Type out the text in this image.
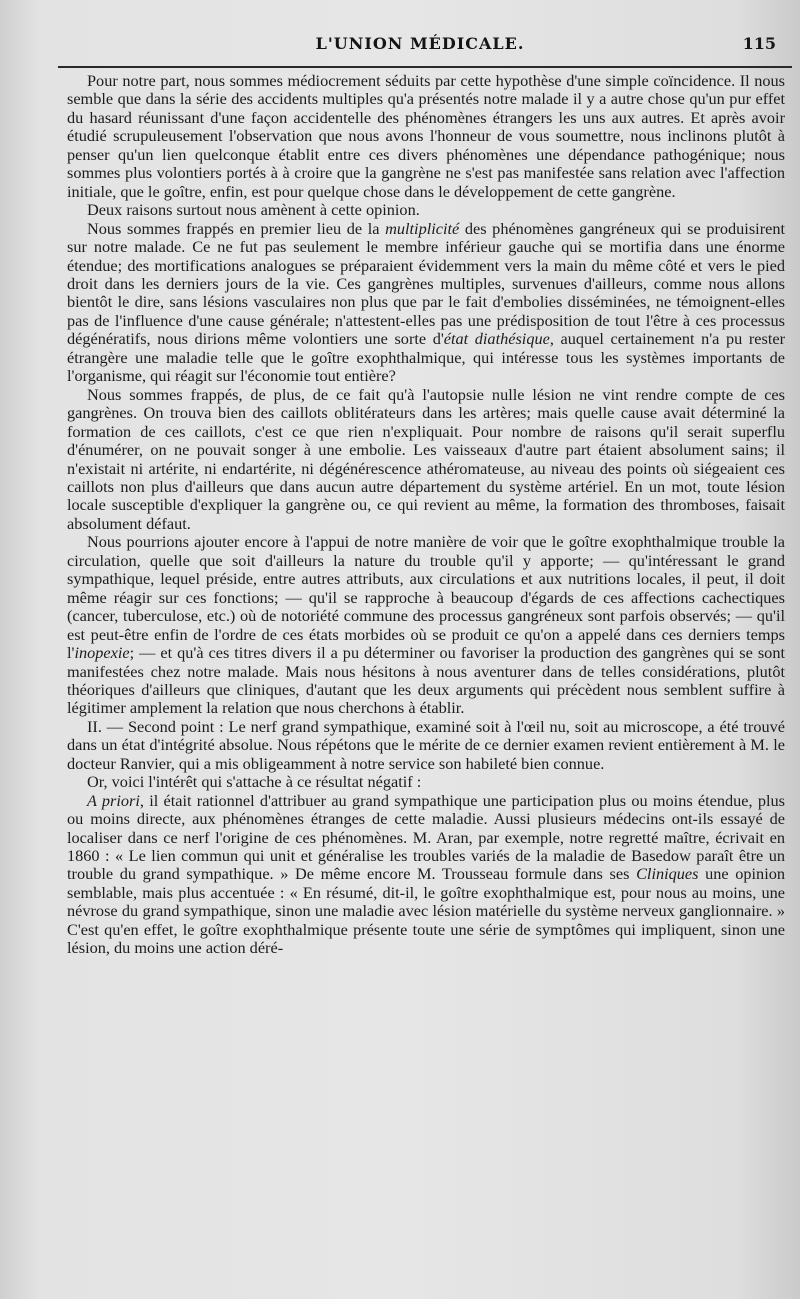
L'UNION MÉDICALE.	115

Pour notre part, nous sommes médiocrement séduits par cette hypothèse d'une simple coïncidence. Il nous semble que dans la série des accidents multiples qu'a présentés notre malade il y a autre chose qu'un pur effet du hasard réunissant d'une façon accidentelle des phénomènes étrangers les uns aux autres. Et après avoir étudié scrupuleusement l'observation que nous avons l'honneur de vous soumettre, nous inclinons plutôt à penser qu'un lien quelconque établit entre ces divers phénomènes une dépendance pathogénique; nous sommes plus volontiers portés à à croire que la gangrène ne s'est pas manifestée sans relation avec l'affection initiale, que le goître, enfin, est pour quelque chose dans le développement de cette gangrène.

Deux raisons surtout nous amènent à cette opinion.

Nous sommes frappés en premier lieu de la multiplicité des phénomènes gangréneux qui se produisirent sur notre malade. Ce ne fut pas seulement le membre inférieur gauche qui se mortifia dans une énorme étendue; des mortifications analogues se préparaient évidemment vers la main du même côté et vers le pied droit dans les derniers jours de la vie. Ces gangrènes multiples, survenues d'ailleurs, comme nous allons bientôt le dire, sans lésions vasculaires non plus que par le fait d'embolies disséminées, ne témoignent-elles pas de l'influence d'une cause générale; n'attestent-elles pas une prédisposition de tout l'être à ces processus dégénératifs, nous dirions même volontiers une sorte d'état diathésique, auquel certainement n'a pu rester étrangère une maladie telle que le goître exophthalmique, qui intéresse tous les systèmes importants de l'organisme, qui réagit sur l'économie tout entière?

Nous sommes frappés, de plus, de ce fait qu'à l'autopsie nulle lésion ne vint rendre compte de ces gangrènes. On trouva bien des caillots oblitérateurs dans les artères; mais quelle cause avait déterminé la formation de ces caillots, c'est ce que rien n'expliquait. Pour nombre de raisons qu'il serait superflu d'énumérer, on ne pouvait songer à une embolie. Les vaisseaux d'autre part étaient absolument sains; il n'existait ni artérite, ni endartérite, ni dégénérescence athéromateuse, au niveau des points où siégeaient ces caillots non plus d'ailleurs que dans aucun autre département du système artériel. En un mot, toute lésion locale susceptible d'expliquer la gangrène ou, ce qui revient au même, la formation des thromboses, faisait absolument défaut.

Nous pourrions ajouter encore à l'appui de notre manière de voir que le goître exophthalmique trouble la circulation, quelle que soit d'ailleurs la nature du trouble qu'il y apporte; — qu'intéressant le grand sympathique, lequel préside, entre autres attributs, aux circulations et aux nutritions locales, il peut, il doit même réagir sur ces fonctions; — qu'il se rapproche à beaucoup d'égards de ces affections cachectiques (cancer, tuberculose, etc.) où de notoriété commune des processus gangréneux sont parfois observés; — qu'il est peut-être enfin de l'ordre de ces états morbides où se produit ce qu'on a appelé dans ces derniers temps l'inopexie; — et qu'à ces titres divers il a pu déterminer ou favoriser la production des gangrènes qui se sont manifestées chez notre malade. Mais nous hésitons à nous aventurer dans de telles considérations, plutôt théoriques d'ailleurs que cliniques, d'autant que les deux arguments qui précèdent nous semblent suffire à légitimer amplement la relation que nous cherchons à établir.

II. — Second point : Le nerf grand sympathique, examiné soit à l'œil nu, soit au microscope, a été trouvé dans un état d'intégrité absolue. Nous répétons que le mérite de ce dernier examen revient entièrement à M. le docteur Ranvier, qui a mis obligeamment à notre service son habileté bien connue.

Or, voici l'intérêt qui s'attache à ce résultat négatif :

A priori, il était rationnel d'attribuer au grand sympathique une participation plus ou moins étendue, plus ou moins directe, aux phénomènes étranges de cette maladie. Aussi plusieurs médecins ont-ils essayé de localiser dans ce nerf l'origine de ces phénomènes. M. Aran, par exemple, notre regretté maître, écrivait en 1860 : « Le lien commun qui unit et généralise les troubles variés de la maladie de Basedow paraît être un trouble du grand sympathique. » De même encore M. Trousseau formule dans ses Cliniques une opinion semblable, mais plus accentuée : « En résumé, dit-il, le goître exophthalmique est, pour nous au moins, une névrose du grand sympathique, sinon une maladie avec lésion matérielle du système nerveux ganglionnaire. » C'est qu'en effet, le goître exophthalmique présente toute une série de symptômes qui impliquent, sinon une lésion, du moins une action déré-
